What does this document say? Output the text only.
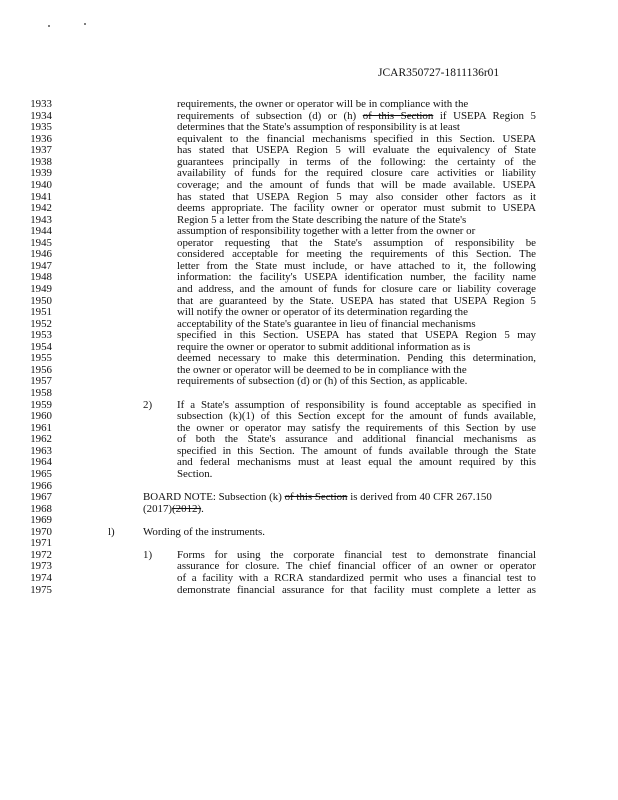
JCAR350727-1811136r01
1933	requirements, the owner or operator will be in compliance with the
1934	requirements of subsection (d) or (h) of this Section if USEPA Region 5
1935	determines that the State's assumption of responsibility is at least
1936	equivalent to the financial mechanisms specified in this Section. USEPA
1937	has stated that USEPA Region 5 will evaluate the equivalency of State
1938	guarantees principally in terms of the following: the certainty of the
1939	availability of funds for the required closure care activities or liability
1940	coverage; and the amount of funds that will be made available. USEPA
1941	has stated that USEPA Region 5 may also consider other factors as it
1942	deems appropriate. The facility owner or operator must submit to USEPA
1943	Region 5 a letter from the State describing the nature of the State's
1944	assumption of responsibility together with a letter from the owner or
1945	operator requesting that the State's assumption of responsibility be
1946	considered acceptable for meeting the requirements of this Section. The
1947	letter from the State must include, or have attached to it, the following
1948	information: the facility's USEPA identification number, the facility name
1949	and address, and the amount of funds for closure care or liability coverage
1950	that are guaranteed by the State. USEPA has stated that USEPA Region 5
1951	will notify the owner or operator of its determination regarding the
1952	acceptability of the State's guarantee in lieu of financial mechanisms
1953	specified in this Section. USEPA has stated that USEPA Region 5 may
1954	require the owner or operator to submit additional information as is
1955	deemed necessary to make this determination. Pending this determination,
1956	the owner or operator will be deemed to be in compliance with the
1957	requirements of subsection (d) or (h) of this Section, as applicable.
1958
1959	2) If a State's assumption of responsibility is found acceptable as specified in
1960	subsection (k)(1) of this Section except for the amount of funds available,
1961	the owner or operator may satisfy the requirements of this Section by use
1962	of both the State's assurance and additional financial mechanisms as
1963	specified in this Section. The amount of funds available through the State
1964	and federal mechanisms must at least equal the amount required by this
1965	Section.
1966
1967	BOARD NOTE: Subsection (k) of this Section is derived from 40 CFR 267.150
1968	(2017)(2012).
1969
1970	l)	Wording of the instruments.
1971
1972	1) Forms for using the corporate financial test to demonstrate financial
1973	assurance for closure. The chief financial officer of an owner or operator
1974	of a facility with a RCRA standardized permit who uses a financial test to
1975	demonstrate financial assurance for that facility must complete a letter as
